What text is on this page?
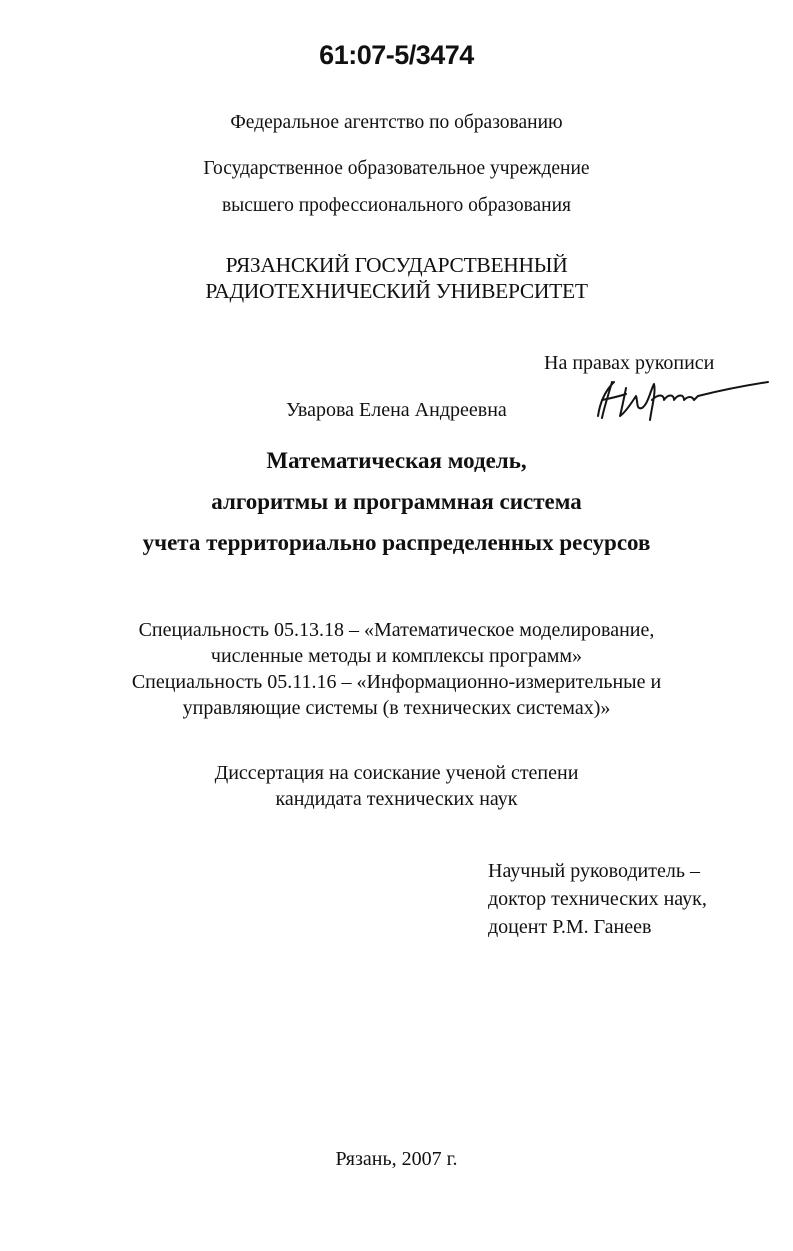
61:07-5/3474
Федеральное агентство по образованию
Государственное образовательное учреждение
высшего профессионального образования
РЯЗАНСКИЙ ГОСУДАРСТВЕННЫЙ
РАДИОТЕХНИЧЕСКИЙ УНИВЕРСИТЕТ
На правах рукописи
Уварова Елена Андреевна
Математическая модель,
алгоритмы и программная система
учета территориально распределенных ресурсов
Специальность 05.13.18 – «Математическое моделирование,
численные методы и комплексы программ»
Специальность 05.11.16 – «Информационно-измерительные и
управляющие системы (в технических системах)»
Диссертация на соискание ученой степени
кандидата технических наук
Научный руководитель –
доктор технических наук,
доцент Р.М. Ганеев
Рязань, 2007 г.
